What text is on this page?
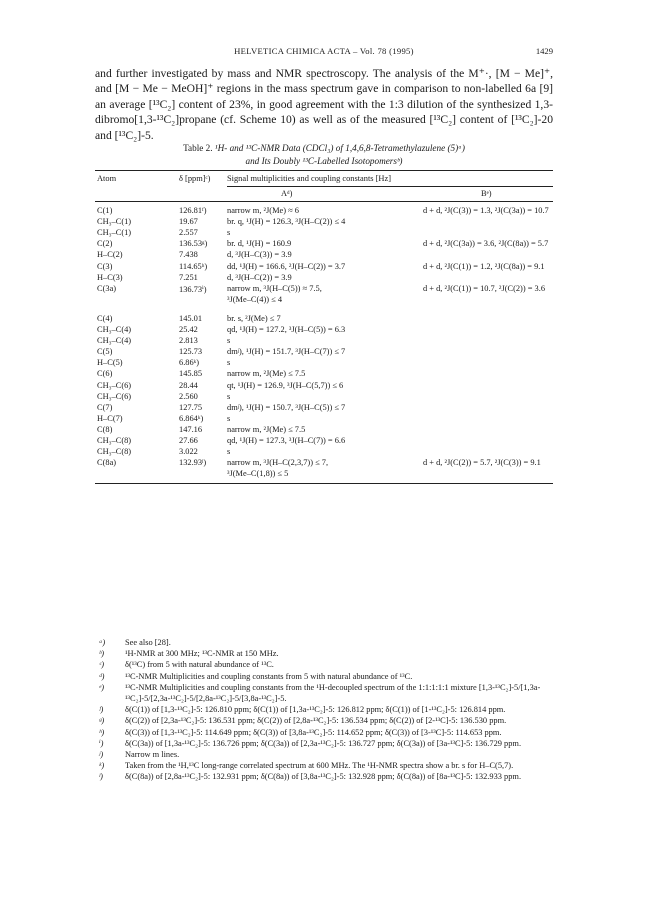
HELVETICA CHIMICA ACTA – Vol. 78 (1995)	1429

and further investigated by mass and NMR spectroscopy. The analysis of the M⁺·, [M − Me]⁺, and [M − Me − MeOH]⁺ regions in the mass spectrum gave in comparison to non-labelled 6a [9] an average [¹³C₂] content of 23%, in good agreement with the 1:3 dilution of the synthesized 1,3-dibromo[1,3-¹³C₂]propane (cf. Scheme 10) as well as of the measured [¹³C₂] content of [¹³C₂]-20 and [¹³C₂]-5.

Table 2. ¹H- and ¹³C-NMR Data (CDCl₃) of 1,4,6,8-Tetramethylazulene (5)ᵃ)
and Its Doubly ¹³C-Labelled Isotopomersᵇ)
Atom	δ [ppm]ᶜ) Signal multiplicities and coupling constants [Hz]
Aᵈ)	Bᵉ)
C(1)	126.81ᶠ) narrow m, ²J(Me) ≈ 6	d + d, ²J(C(3)) = 1.3, ²J(C(3a)) = 10.7
CH₃–C(1)	19.67	br. q, ¹J(H) = 126.3, ³J(H–C(2)) ≤ 4
CH₃–C(1)	2.557	s
C(2)	136.53ᵍ) br. d, ¹J(H) = 160.9	d + d, ²J(C(3a)) = 3.6, ²J(C(8a)) = 5.7
H–C(2)	7.438	d, ³J(H–C(3)) = 3.9
C(3)	114.65ʰ) dd, ¹J(H) = 166.6, ²J(H–C(2)) = 3.7	d + d, ²J(C(1)) = 1.2, ²J(C(8a)) = 9.1
H–C(3)	7.251	d, ³J(H–C(2)) = 3.9
C(3a)	136.73ⁱ) narrow m, ³J(H–C(5)) ≈ 7.5,	d + d, ²J(C(1)) = 10.7, ²J(C(2)) = 3.6
³J(Me–C(4)) ≤ 4
C(4)	145.01	br. s, ²J(Me) ≤ 7
CH₃–C(4)	25.42	qd, ¹J(H) = 127.2, ³J(H–C(5)) = 6.3
CH₃–C(4)	2.813	s
C(5)	125.73	dmʲ), ¹J(H) = 151.7, ³J(H–C(7)) ≤ 7
H–C(5)	6.86ᵏ)	s
C(6)	145.85	narrow m, ²J(Me) ≤ 7.5
CH₃–C(6)	28.44	qt, ¹J(H) = 126.9, ³J(H–C(5,7)) ≤ 6
CH₃–C(6)	2.560	s
C(7)	127.75	dmʲ), ¹J(H) = 150.7, ³J(H–C(5)) ≤ 7
H–C(7)	6.864ᵏ)	s
C(8)	147.16	narrow m, ²J(Me) ≤ 7.5
CH₃–C(8)	27.66	qd, ¹J(H) = 127.3, ³J(H–C(7)) = 6.6
CH₃–C(8)	3.022	s
C(8a)	132.93ˡ) narrow m, ³J(H–C(2,3,7)) ≤ 7,	d + d, ²J(C(2)) = 5.7, ²J(C(3)) = 9.1
³J(Me–C(1,8)) ≤ 5

ᵃ) See also [28].

ᵇ) ¹H-NMR at 300 MHz; ¹³C-NMR at 150 MHz.

ᶜ)	δ(¹³C) from 5 with natural abundance of ¹³C.

ᵈ) ¹³C-NMR Multiplicities and coupling constants from 5 with natural abundance of ¹³C.

ᵉ)	¹³C-NMR Multiplicities and coupling constants from the ¹H-decoupled spectrum of the 1:1:1:1:1 mixture [1,3-¹³C₂]-5/[1,3a-¹³C₂]-5/[2,3a-¹³C₂]-5/[2,8a-¹³C₂]-5/[3,8a-¹³C₂]-5.

ᶠ)	δ(C(1)) of [1,3-¹³C₂]-5: 126.810 ppm; δ(C(1)) of [1,3a-¹³C₂]-5: 126.812 ppm; δ(C(1)) of [1-¹³C₂]-5: 126.814 ppm.

ᵍ) δ(C(2)) of [2,3a-¹³C₂]-5: 136.531 ppm; δ(C(2)) of [2,8a-¹³C₂]-5: 136.534 ppm; δ(C(2)) of [2-¹³C]-5: 136.530 ppm.

ʰ) δ(C(3)) of [1,3-¹³C₂]-5: 114.649 ppm; δ(C(3)) of [3,8a-¹³C₂]-5: 114.652 ppm; δ(C(3)) of [3-¹³C]-5: 114.653 ppm.

ⁱ)	δ(C(3a)) of [1,3a-¹³C₂]-5: 136.726 ppm; δ(C(3a)) of [2,3a-¹³C₂]-5: 136.727 ppm; δ(C(3a)) of [3a-¹³C]-5: 136.729 ppm.

ʲ)	Narrow m lines.

ᵏ) Taken from the ¹H,¹³C long-range correlated spectrum at 600 MHz. The ¹H-NMR spectra show a br. s for H–C(5,7).

ˡ)	δ(C(8a)) of [2,8a-¹³C₂]-5: 132.931 ppm; δ(C(8a)) of [3,8a-¹³C₂]-5: 132.928 ppm; δ(C(8a)) of [8a-¹³C]-5: 132.933 ppm.
